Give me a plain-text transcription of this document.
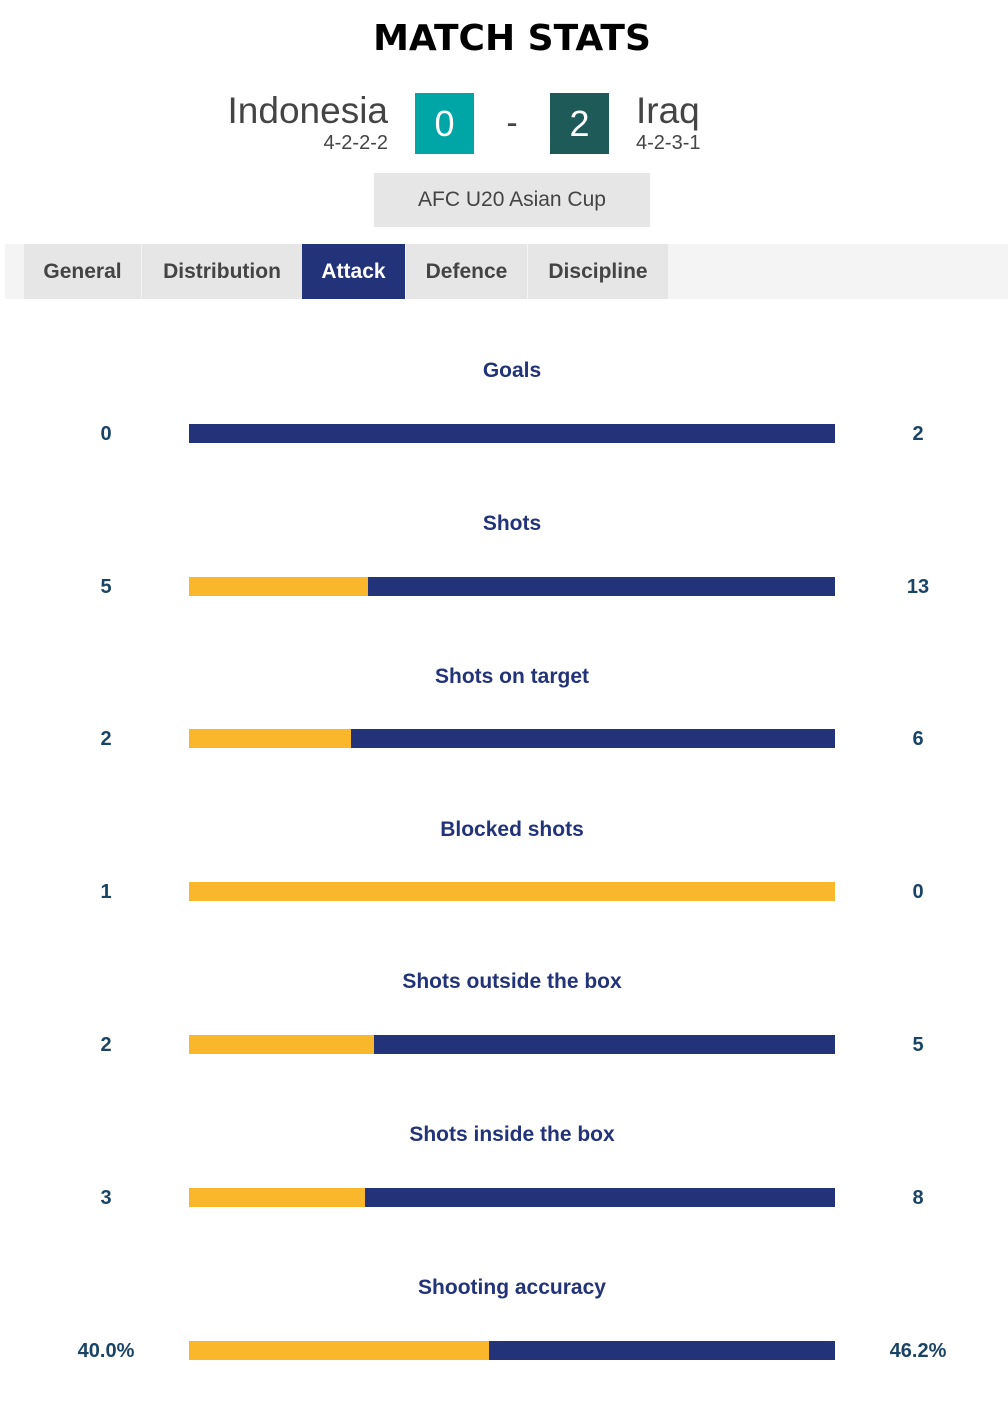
MATCH STATS
Indonesia
4-2-2-2	0	-	2	Iraq
4-2-3-1
AFC U20 Asian Cup
General	Distribution	Attack	Defence	Discipline
Goals
0	2
Shots
5	13
Shots on target
2	6
Blocked shots
1	0
Shots outside the box
2	5
Shots inside the box
3	8
Shooting accuracy
40.0%	46.2%
